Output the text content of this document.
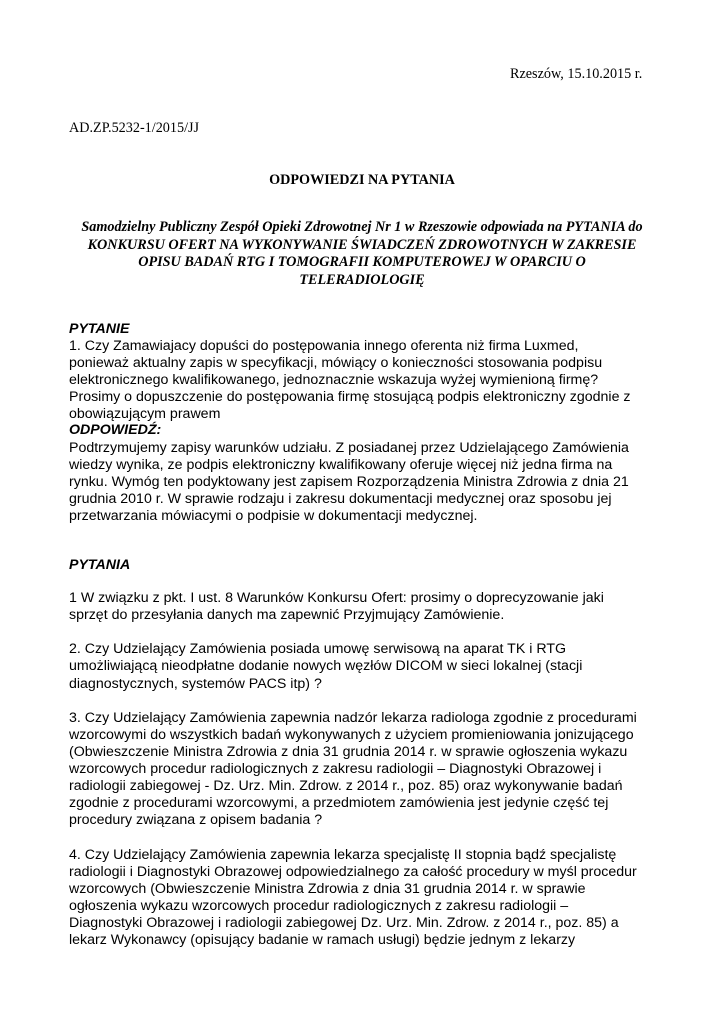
Rzeszów, 15.10.2015 r.
AD.ZP.5232-1/2015/JJ
ODPOWIEDZI NA PYTANIA
Samodzielny Publiczny Zespół Opieki Zdrowotnej Nr 1 w Rzeszowie odpowiada na PYTANIA do
KONKURSU OFERT NA WYKONYWANIE ŚWIADCZEŃ ZDROWOTNYCH W ZAKRESIE
OPISU BADAŃ RTG I TOMOGRAFII KOMPUTEROWEJ W OPARCIU O
TELERADIOLOGIĘ
PYTANIE
1. Czy Zamawiajacy dopuści do postępowania innego oferenta niż firma Luxmed,
ponieważ aktualny zapis w specyfikacji, mówiący o konieczności stosowania podpisu
elektronicznego kwalifikowanego, jednoznacznie wskazuja wyżej wymienioną firmę?
Prosimy o dopuszczenie do postępowania firmę stosującą podpis elektroniczny zgodnie z
obowiązującym prawem
ODPOWIEDŹ:
Podtrzymujemy zapisy warunków udziału. Z posiadanej przez Udzielającego Zamówienia
wiedzy wynika, ze podpis elektroniczny kwalifikowany oferuje więcej niż jedna firma na
rynku. Wymóg ten podyktowany jest zapisem Rozporządzenia Ministra Zdrowia z dnia 21
grudnia 2010 r. W sprawie rodzaju i zakresu dokumentacji medycznej oraz sposobu jej
przetwarzania mówiacymi o podpisie w dokumentacji medycznej.
PYTANIA
1 W związku z pkt. I ust. 8 Warunków Konkursu Ofert: prosimy o doprecyzowanie jaki
sprzęt do przesyłania danych ma zapewnić Przyjmujący Zamówienie.
2. Czy Udzielający Zamówienia posiada umowę serwisową na aparat TK i RTG
umożliwiającą nieodpłatne dodanie nowych węzłów DICOM w sieci lokalnej (stacji
diagnostycznych, systemów PACS itp) ?
3. Czy Udzielający Zamówienia zapewnia nadzór lekarza radiologa zgodnie z procedurami
wzorcowymi do wszystkich badań wykonywanych z użyciem promieniowania jonizującego
(Obwieszczenie Ministra Zdrowia z dnia 31 grudnia 2014 r. w sprawie ogłoszenia wykazu
wzorcowych procedur radiologicznych z zakresu radiologii – Diagnostyki Obrazowej i
radiologii zabiegowej - Dz. Urz. Min. Zdrow. z 2014 r., poz. 85) oraz wykonywanie badań
zgodnie z procedurami wzorcowymi, a przedmiotem zamówienia jest jedynie część tej
procedury związana z opisem badania ?
4. Czy Udzielający Zamówienia zapewnia lekarza specjalistę II stopnia bądź specjalistę
radiologii i Diagnostyki Obrazowej odpowiedzialnego za całość procedury w myśl procedur
wzorcowych (Obwieszczenie Ministra Zdrowia z dnia 31 grudnia 2014 r. w sprawie
ogłoszenia wykazu wzorcowych procedur radiologicznych z zakresu radiologii –
Diagnostyki Obrazowej i radiologii zabiegowej Dz. Urz. Min. Zdrow. z 2014 r., poz. 85) a
lekarz Wykonawcy (opisujący badanie w ramach usługi) będzie jednym z lekarzy
